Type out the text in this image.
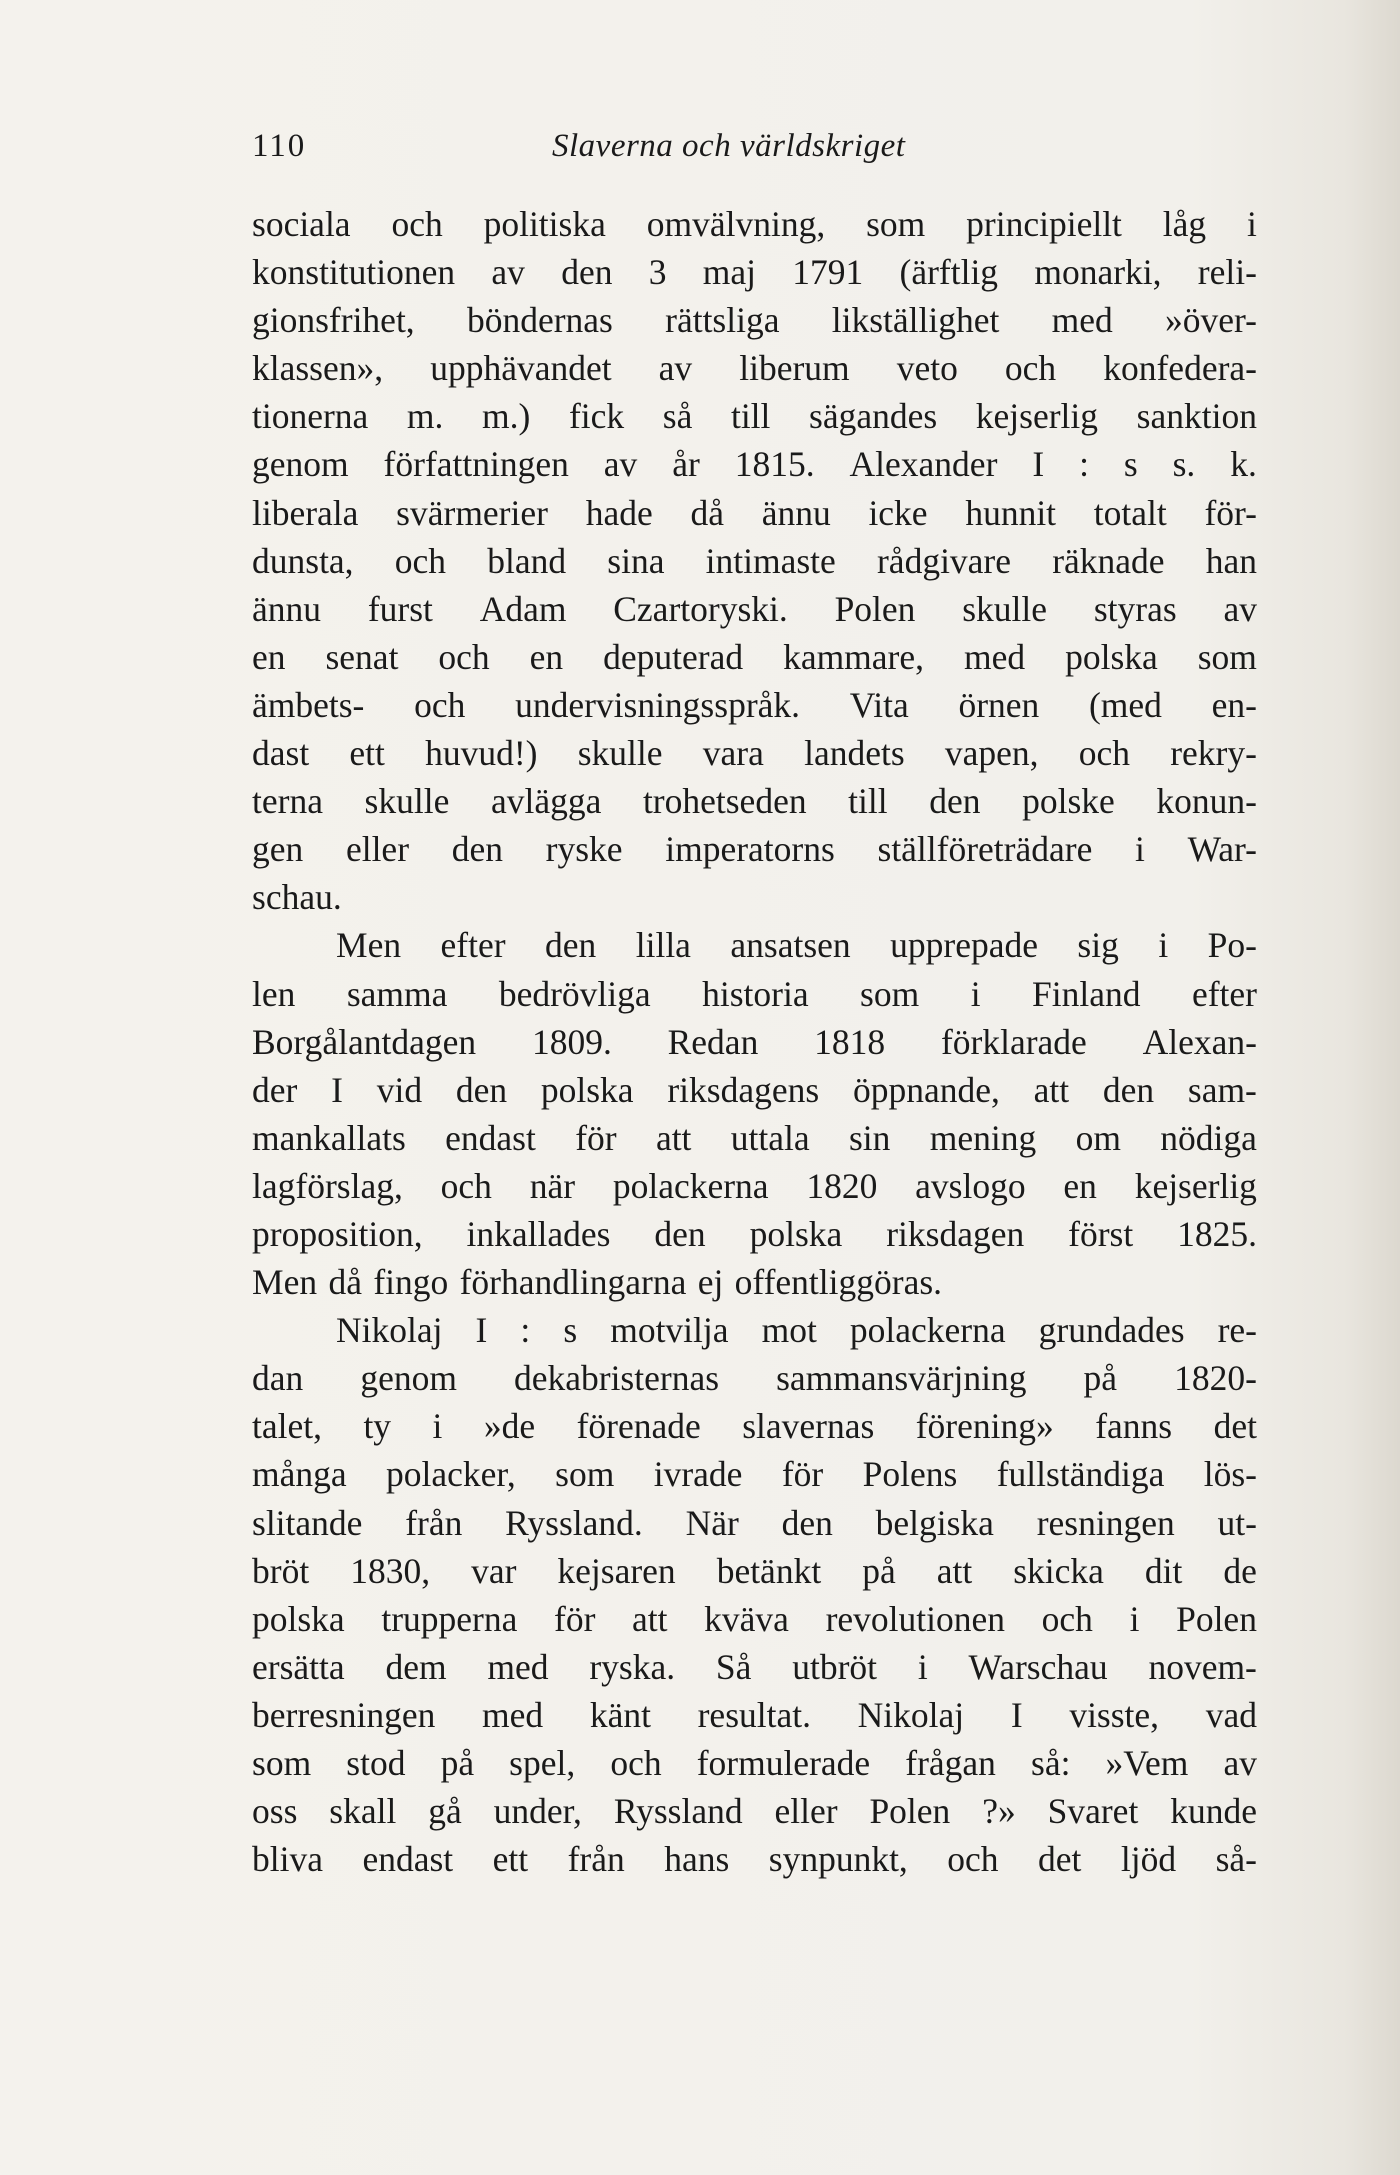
110	Slaverna och världskriget
sociala och politiska omvälvning, som principiellt låg i
konstitutionen av den 3 maj 1791 (ärftlig monarki, reli-
gionsfrihet, böndernas rättsliga likställighet med »över-
klassen», upphävandet av liberum veto och konfedera-
tionerna m. m.) fick så till sägandes kejserlig sanktion
genom författningen av år 1815. Alexander I : s s. k.
liberala svärmerier hade då ännu icke hunnit totalt för-
dunsta, och bland sina intimaste rådgivare räknade han
ännu furst Adam Czartoryski. Polen skulle styras av
en senat och en deputerad kammare, med polska som
ämbets- och undervisningsspråk. Vita örnen (med en-
dast ett huvud!) skulle vara landets vapen, och rekry-
terna skulle avlägga trohetseden till den polske konun-
gen eller den ryske imperatorns ställföreträdare i War-
schau.
Men efter den lilla ansatsen upprepade sig i Po-
len samma bedrövliga historia som i Finland efter
Borgålantdagen 1809. Redan 1818 förklarade Alexan-
der I vid den polska riksdagens öppnande, att den sam-
mankallats endast för att uttala sin mening om nödiga
lagförslag, och när polackerna 1820 avslogo en kejserlig
proposition, inkallades den polska riksdagen först 1825.
Men då fingo förhandlingarna ej offentliggöras.
Nikolaj I : s motvilja mot polackerna grundades re-
dan genom dekabristernas sammansvärjning på 1820-
talet, ty i »de förenade slavernas förening» fanns det
många polacker, som ivrade för Polens fullständiga lös-
slitande från Ryssland. När den belgiska resningen ut-
bröt 1830, var kejsaren betänkt på att skicka dit de
polska trupperna för att kväva revolutionen och i Polen
ersätta dem med ryska. Så utbröt i Warschau novem-
berresningen med känt resultat. Nikolaj I visste, vad
som stod på spel, och formulerade frågan så: »Vem av
oss skall gå under, Ryssland eller Polen ?» Svaret kunde
bliva endast ett från hans synpunkt, och det ljöd så-
